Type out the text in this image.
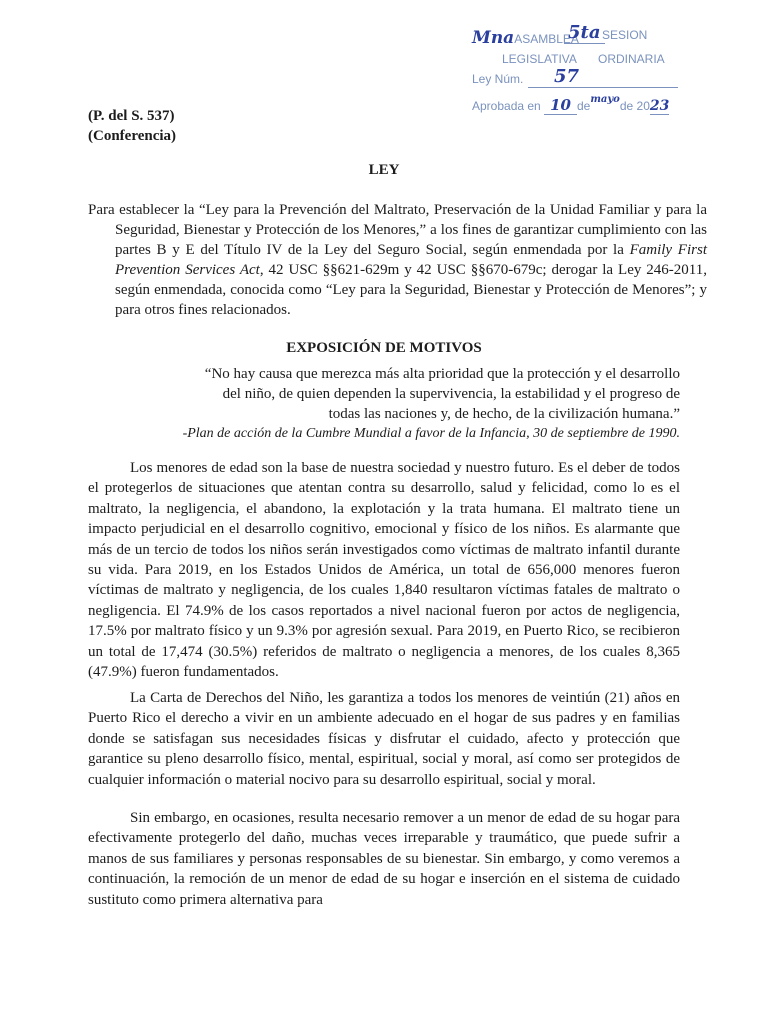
MnaASAMBLEA
5ta SESION
LEGISLATIVA ORDINARIA
Ley Núm.	57
Aprobada en 10 $de^{mayo}de$ 2023
(P. del S. 537)
(Conferencia)
LEY
Para establecer la “Ley para la Prevención del Maltrato, Preservación de la Unidad Familiar y para la Seguridad, Bienestar y Protección de los Menores,” a los fines de garantizar cumplimiento con las partes B y E del Título IV de la Ley del Seguro Social, según enmendada por la Family First Prevention Services Act, 42 USC §§621-629m y 42 USC §§670-679c; derogar la Ley 246-2011, según enmendada, conocida como “Ley para la Seguridad, Bienestar y Protección de Menores”; y para otros fines relacionados.
EXPOSICIÓN DE MOTIVOS
“No hay causa que merezca más alta prioridad que la protección y el desarrollo
del niño, de quien dependen la supervivencia, la estabilidad y el progreso de
todas las naciones y, de hecho, de la civilización humana.”
-Plan de acción de la Cumbre Mundial a favor de la Infancia, 30 de septiembre de 1990.
Los menores de edad son la base de nuestra sociedad y nuestro futuro. Es el deber de todos el protegerlos de situaciones que atentan contra su desarrollo, salud y felicidad, como lo es el maltrato, la negligencia, el abandono, la explotación y la trata humana. El maltrato tiene un impacto perjudicial en el desarrollo cognitivo, emocional y físico de los niños. Es alarmante que más de un tercio de todos los niños serán investigados como víctimas de maltrato infantil durante su vida. Para 2019, en los Estados Unidos de América, un total de 656,000 menores fueron víctimas de maltrato y negligencia, de los cuales 1,840 resultaron víctimas fatales de maltrato o negligencia. El 74.9% de los casos reportados a nivel nacional fueron por actos de negligencia, 17.5% por maltrato físico y un 9.3% por agresión sexual. Para 2019, en Puerto Rico, se recibieron un total de 17,474 (30.5%) referidos de maltrato o negligencia a menores, de los cuales 8,365 (47.9%) fueron fundamentados.
La Carta de Derechos del Niño, les garantiza a todos los menores de veintiún (21) años en Puerto Rico el derecho a vivir en un ambiente adecuado en el hogar de sus padres y en familias donde se satisfagan sus necesidades físicas y disfrutar el cuidado, afecto y protección que garantice su pleno desarrollo físico, mental, espiritual, social y moral, así como ser protegidos de cualquier información o material nocivo para su desarrollo espiritual, social y moral.
Sin embargo, en ocasiones, resulta necesario remover a un menor de edad de su hogar para efectivamente protegerlo del daño, muchas veces irreparable y traumático, que puede sufrir a manos de sus familiares y personas responsables de su bienestar. Sin embargo, y como veremos a continuación, la remoción de un menor de edad de su hogar e inserción en el sistema de cuidado sustituto como primera alternativa para
